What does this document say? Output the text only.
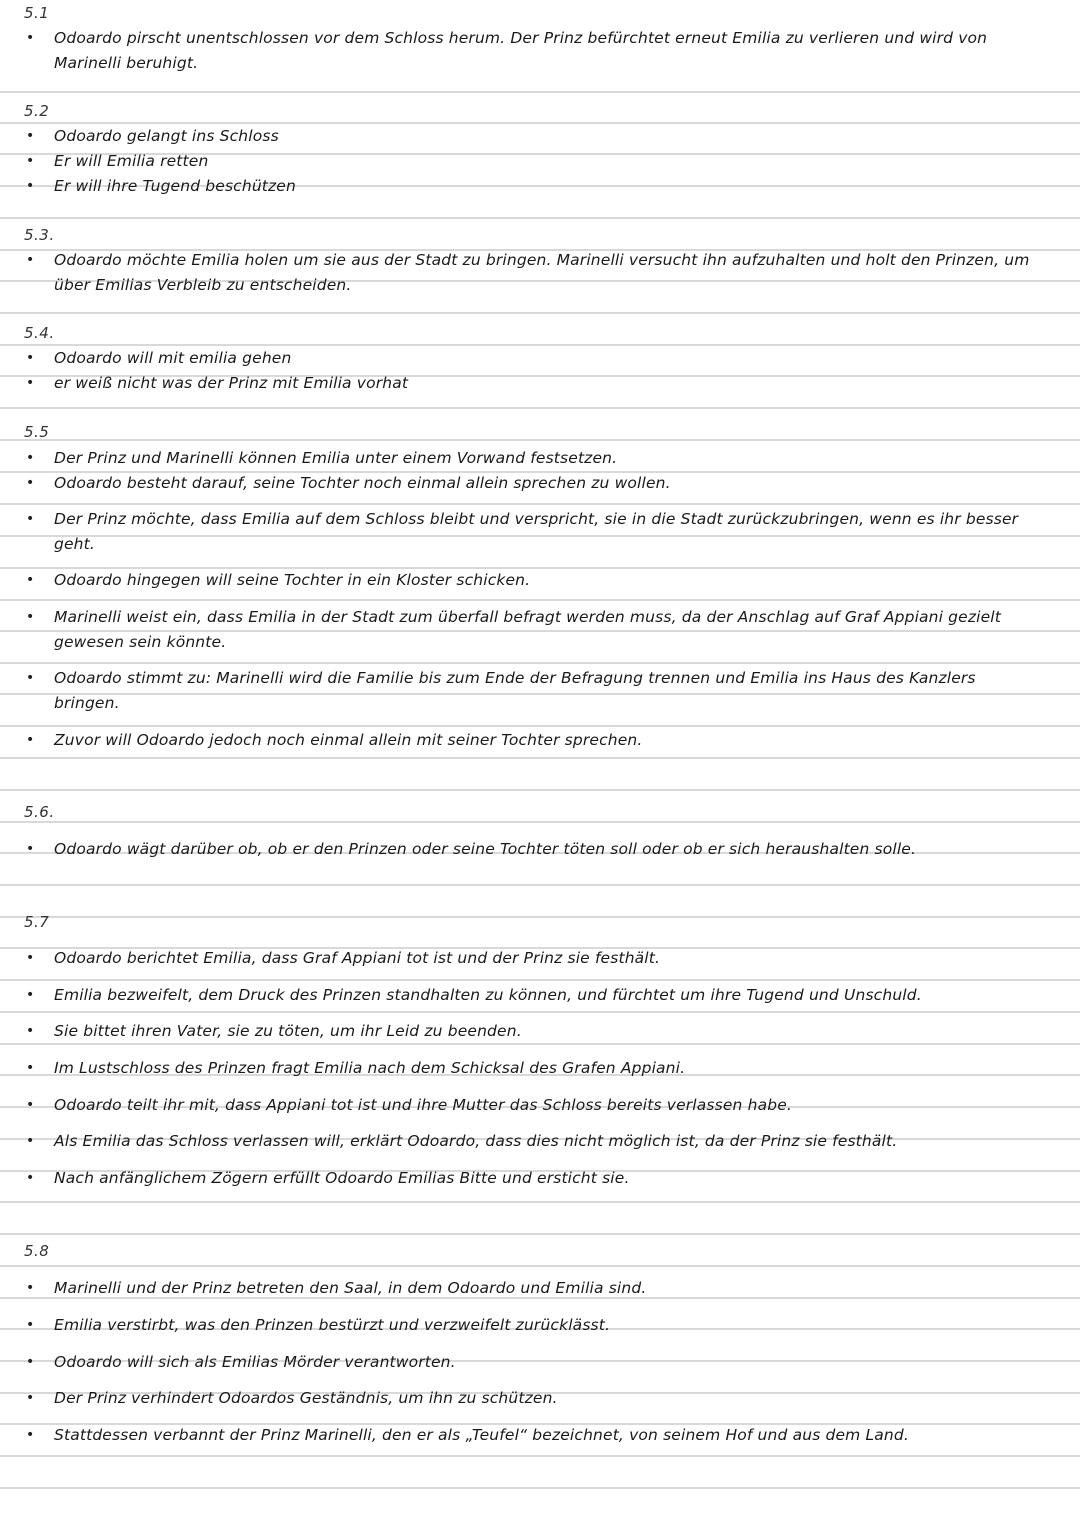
5.1
• Odoardo pirscht unentschlossen vor dem Schloss herum. Der Prinz befürchtet erneut Emilia zu verlieren und wird von Marinelli beruhigt.
5.2
• Odoardo gelangt ins Schloss
• Er will Emilia retten
• Er will ihre Tugend beschützen
5.3.
• Odoardo möchte Emilia holen um sie aus der Stadt zu bringen. Marinelli versucht ihn aufzuhalten und holt den Prinzen, um über Emilias Verbleib zu entscheiden.
5.4.
• Odoardo will mit emilia gehen
• er weiß nicht was der Prinz mit Emilia vorhat
5.5
• Der Prinz und Marinelli können Emilia unter einem Vorwand festsetzen.
• Odoardo besteht darauf, seine Tochter noch einmal allein sprechen zu wollen.
• Der Prinz möchte, dass Emilia auf dem Schloss bleibt und verspricht, sie in die Stadt zurückzubringen, wenn es ihr besser geht.
• Odoardo hingegen will seine Tochter in ein Kloster schicken.
• Marinelli weist ein, dass Emilia in der Stadt zum überfall befragt werden muss, da der Anschlag auf Graf Appiani gezielt gewesen sein könnte.
• Odoardo stimmt zu: Marinelli wird die Familie bis zum Ende der Befragung trennen und Emilia ins Haus des Kanzlers bringen.
• Zuvor will Odoardo jedoch noch einmal allein mit seiner Tochter sprechen.
5.6.
• Odoardo wägt darüber ob, ob er den Prinzen oder seine Tochter töten soll oder ob er sich heraushalten solle.
5.7
• Odoardo berichtet Emilia, dass Graf Appiani tot ist und der Prinz sie festhält.
• Emilia bezweifelt, dem Druck des Prinzen standhalten zu können, und fürchtet um ihre Tugend und Unschuld.
• Sie bittet ihren Vater, sie zu töten, um ihr Leid zu beenden.
• Im Lustschloss des Prinzen fragt Emilia nach dem Schicksal des Grafen Appiani.
• Odoardo teilt ihr mit, dass Appiani tot ist und ihre Mutter das Schloss bereits verlassen habe.
• Als Emilia das Schloss verlassen will, erklärt Odoardo, dass dies nicht möglich ist, da der Prinz sie festhält.
• Nach anfänglichem Zögern erfüllt Odoardo Emilias Bitte und ersticht sie.
5.8
• Marinelli und der Prinz betreten den Saal, in dem Odoardo und Emilia sind.
• Emilia verstirbt, was den Prinzen bestürzt und verzweifelt zurücklässt.
• Odoardo will sich als Emilias Mörder verantworten.
• Der Prinz verhindert Odoardos Geständnis, um ihn zu schützen.
• Stattdessen verbannt der Prinz Marinelli, den er als „Teufel“ bezeichnet, von seinem Hof und aus dem Land.
